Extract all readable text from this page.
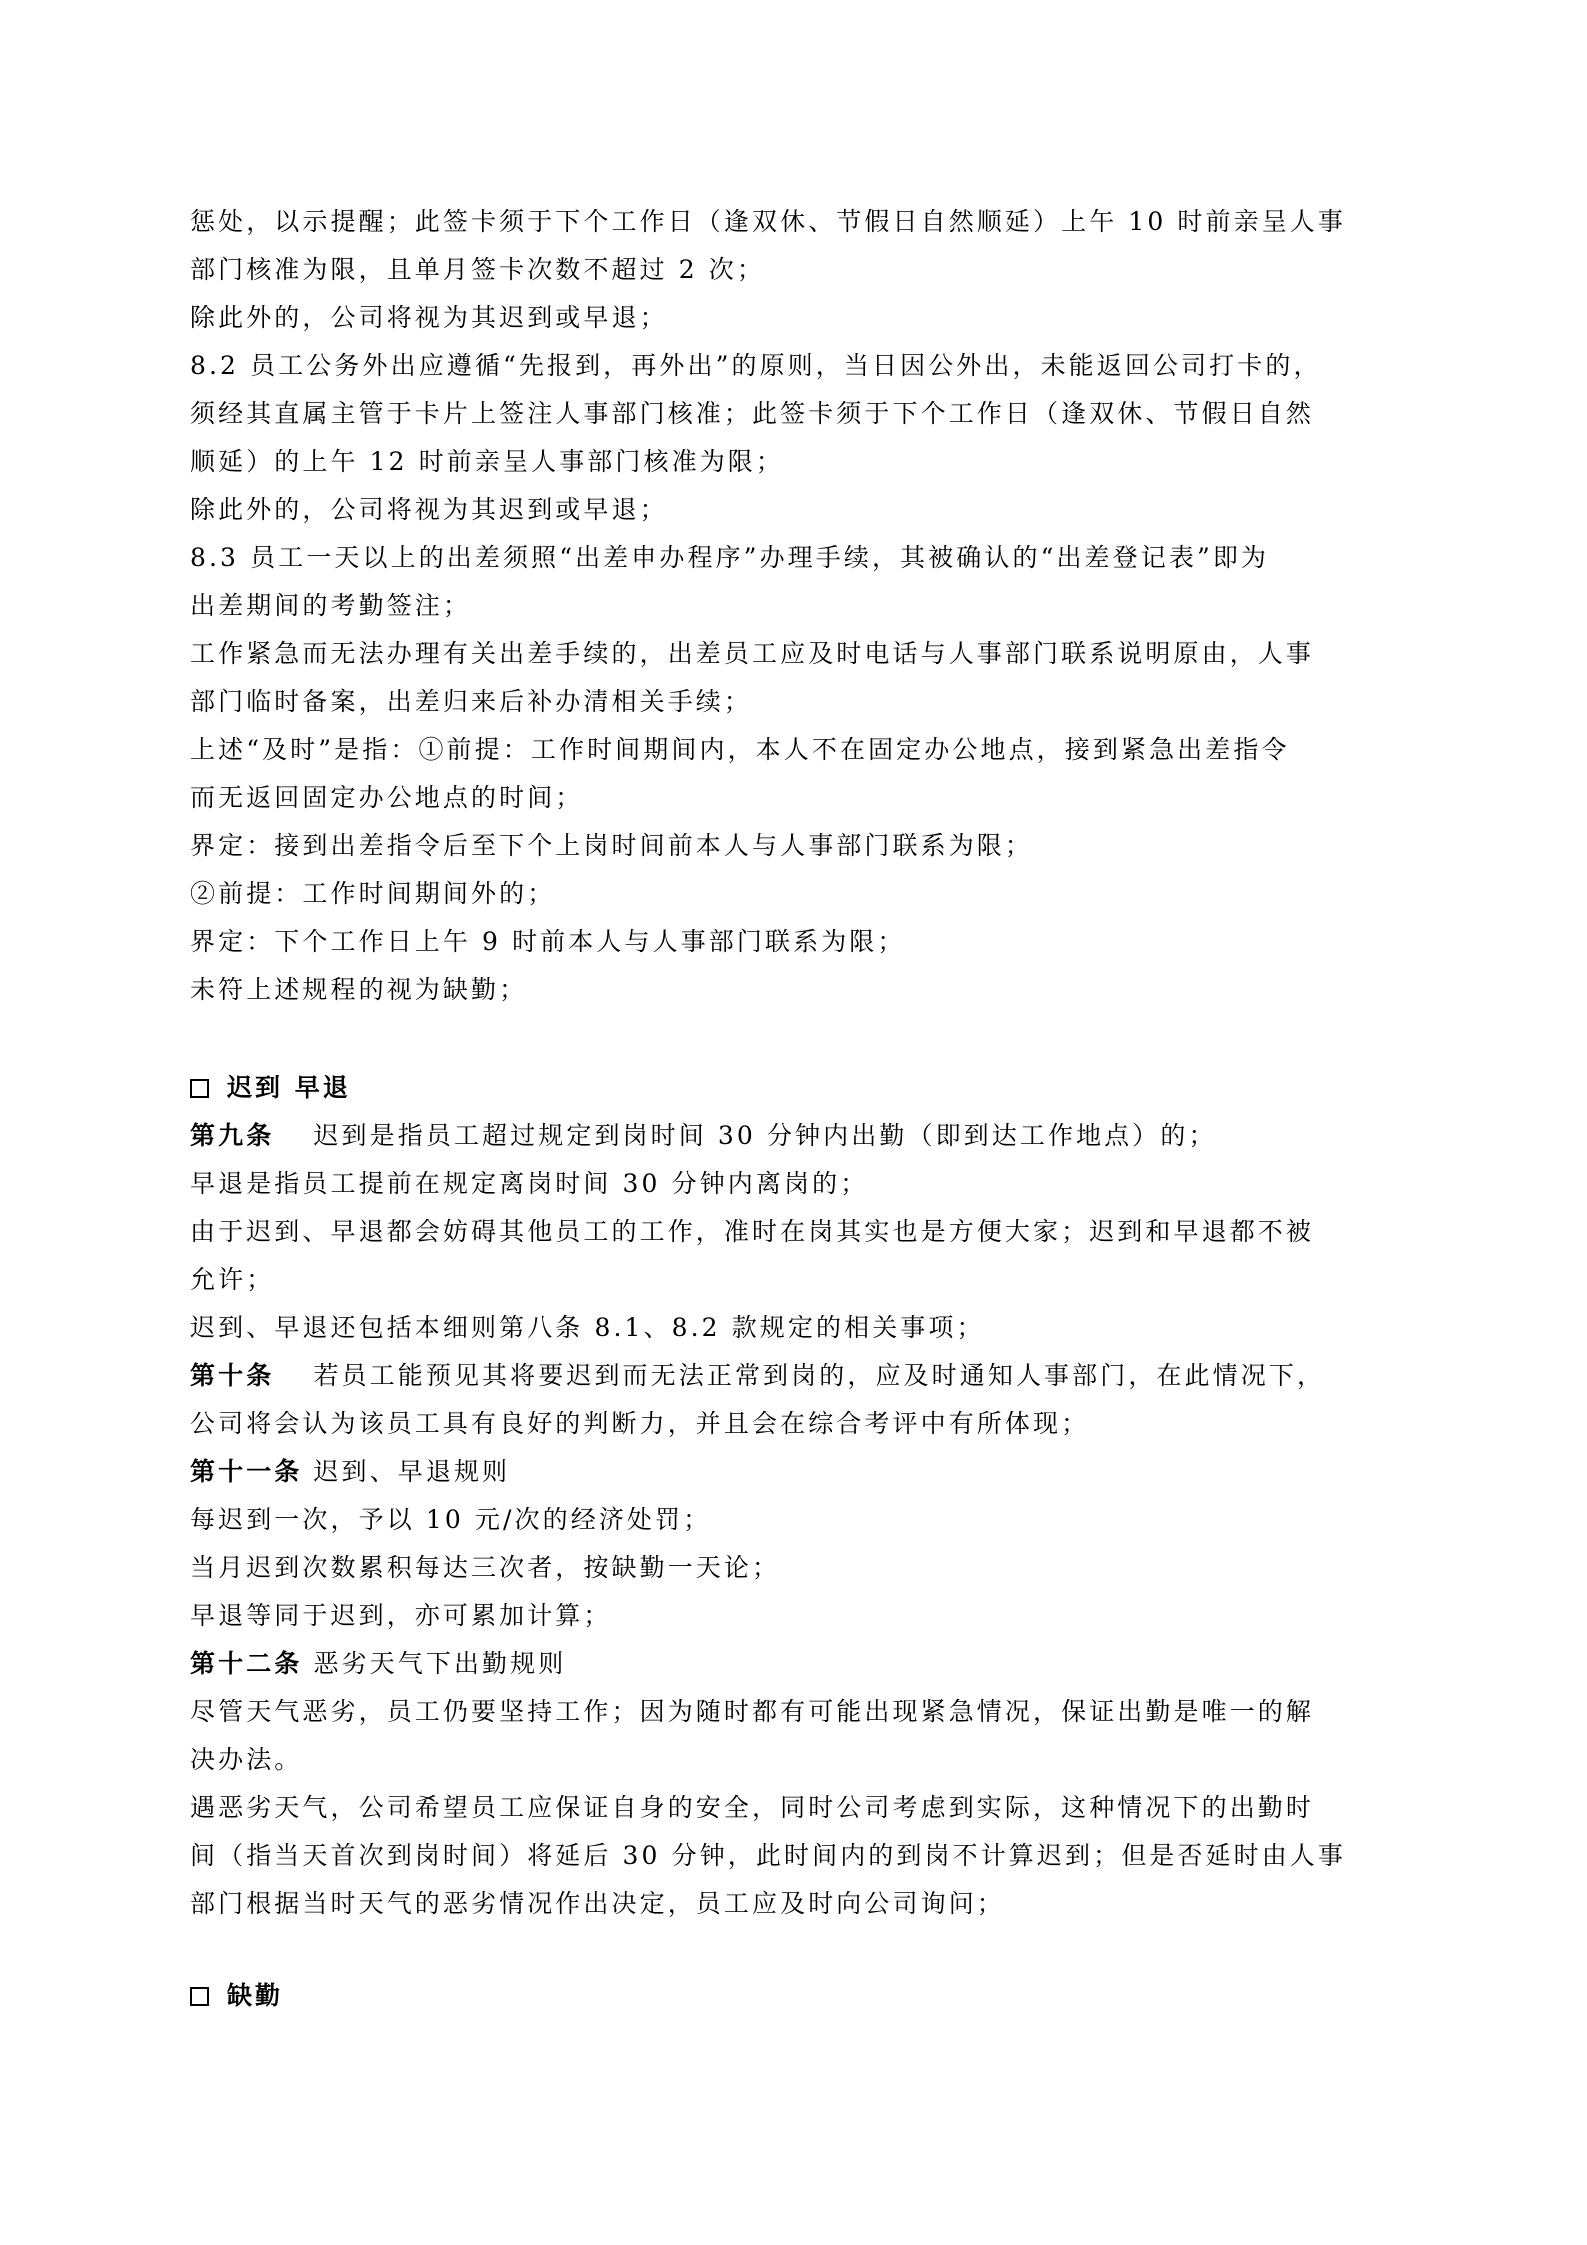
惩处，以示提醒；此签卡须于下个工作日（逢双休、节假日自然顺延）上午 10 时前亲呈人事
部门核准为限，且单月签卡次数不超过 2 次；
除此外的，公司将视为其迟到或早退；
8.2 员工公务外出应遵循“先报到，再外出”的原则，当日因公外出，未能返回公司打卡的，
须经其直属主管于卡片上签注人事部门核准；此签卡须于下个工作日（逢双休、节假日自然
顺延）的上午 12 时前亲呈人事部门核准为限；
除此外的，公司将视为其迟到或早退；
8.3 员工一天以上的出差须照“出差申办程序”办理手续，其被确认的“出差登记表”即为
出差期间的考勤签注；
工作紧急而无法办理有关出差手续的，出差员工应及时电话与人事部门联系说明原由，人事
部门临时备案，出差归来后补办清相关手续；
上述“及时”是指：①前提：工作时间期间内，本人不在固定办公地点，接到紧急出差指令
而无返回固定办公地点的时间；
界定：接到出差指令后至下个上岗时间前本人与人事部门联系为限；
②前提：工作时间期间外的；
界定：下个工作日上午 9 时前本人与人事部门联系为限；
未符上述规程的视为缺勤；
迟到 早退
第九条　 迟到是指员工超过规定到岗时间 30 分钟内出勤（即到达工作地点）的；
早退是指员工提前在规定离岗时间 30 分钟内离岗的；
由于迟到、早退都会妨碍其他员工的工作，准时在岗其实也是方便大家；迟到和早退都不被
允许；
迟到、早退还包括本细则第八条 8.1、8.2 款规定的相关事项；
第十条　 若员工能预见其将要迟到而无法正常到岗的，应及时通知人事部门，在此情况下，
公司将会认为该员工具有良好的判断力，并且会在综合考评中有所体现；
第十一条 迟到、早退规则
每迟到一次，予以 10 元/次的经济处罚；
当月迟到次数累积每达三次者，按缺勤一天论；
早退等同于迟到，亦可累加计算；
第十二条 恶劣天气下出勤规则
尽管天气恶劣，员工仍要坚持工作；因为随时都有可能出现紧急情况，保证出勤是唯一的解
决办法。
遇恶劣天气，公司希望员工应保证自身的安全，同时公司考虑到实际，这种情况下的出勤时
间（指当天首次到岗时间）将延后 30 分钟，此时间内的到岗不计算迟到；但是否延时由人事
部门根据当时天气的恶劣情况作出决定，员工应及时向公司询问；
缺勤
